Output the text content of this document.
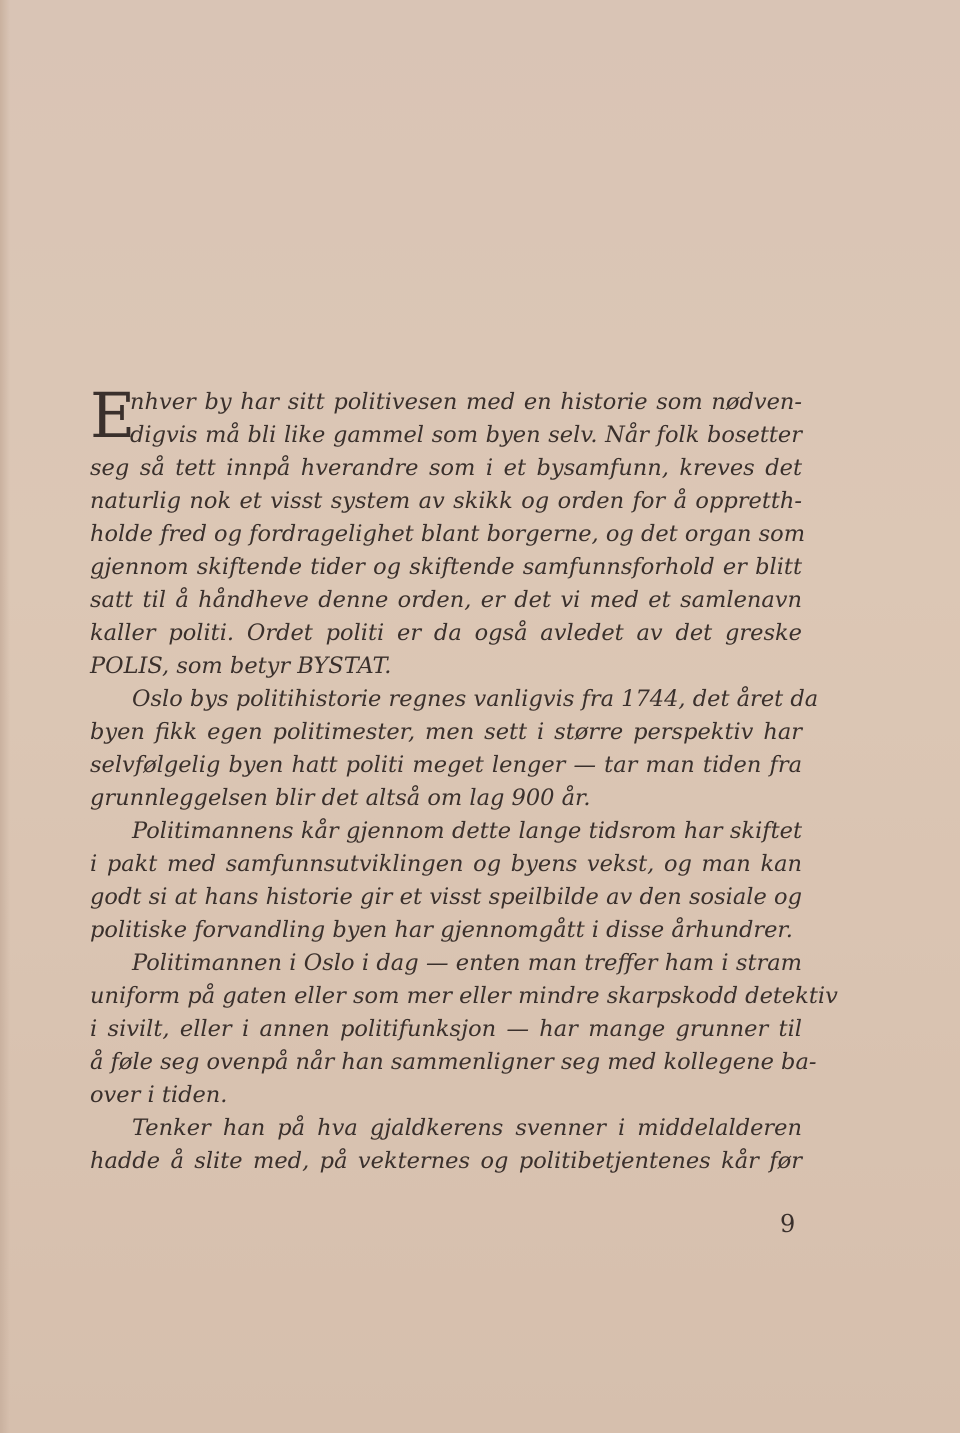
E
nhver by har sitt politivesen med en historie som nødven-
digvis må bli like gammel som byen selv. Når folk bosetter
seg så tett innpå hverandre som i et bysamfunn, kreves det
naturlig nok et visst system av skikk og orden for å oppretth-
holde fred og fordragelighet blant borgerne, og det organ som
gjennom skiftende tider og skiftende samfunnsforhold er blitt
satt til å håndheve denne orden, er det vi med et samlenavn
kaller politi. Ordet politi er da også avledet av det greske
POLIS, som betyr BYSTAT.
Oslo bys politihistorie regnes vanligvis fra 1744, det året da
byen fikk egen politimester, men sett i større perspektiv har
selvfølgelig byen hatt politi meget lenger — tar man tiden fra
grunnleggelsen blir det altså om lag 900 år.
Politimannens kår gjennom dette lange tidsrom har skiftet
i pakt med samfunnsutviklingen og byens vekst, og man kan
godt si at hans historie gir et visst speilbilde av den sosiale og
politiske forvandling byen har gjennomgått i disse århundrer.
Politimannen i Oslo i dag — enten man treffer ham i stram
uniform på gaten eller som mer eller mindre skarpskodd detektiv
i sivilt, eller i annen politifunksjon — har mange grunner til
å føle seg ovenpå når han sammenligner seg med kollegene ba-
over i tiden.
Tenker han på hva gjaldkerens svenner i middelalderen
hadde å slite med, på vekternes og politibetjentenes kår før
9
